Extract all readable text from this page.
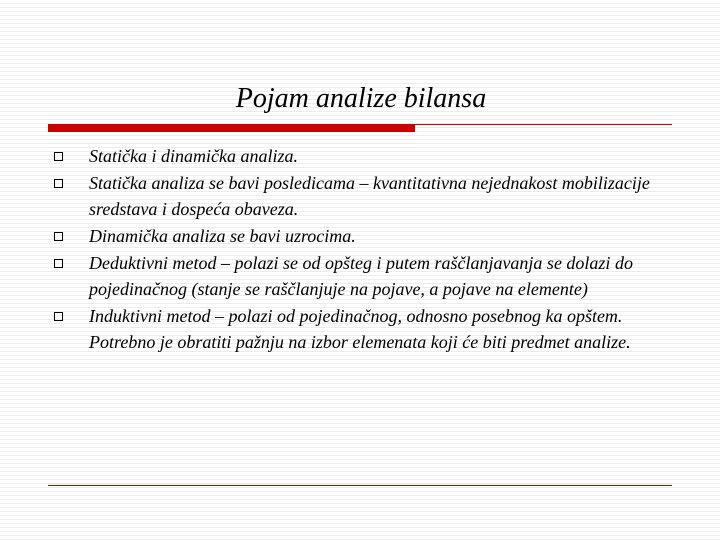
Pojam analize bilansa
Statička i dinamička analiza.
Statička analiza se bavi posledicama – kvantitativna nejednakost mobilizacije sredstava i dospeća obaveza.
Dinamička analiza se bavi uzrocima.
Deduktivni metod – polazi se od opšteg i putem raščlanjavanja se dolazi do pojedinačnog (stanje se raščlanjuje na pojave, a pojave na elemente)
Induktivni metod – polazi od pojedinačnog, odnosno posebnog ka opštem. Potrebno je obratiti pažnju na izbor elemenata koji će biti predmet analize.
